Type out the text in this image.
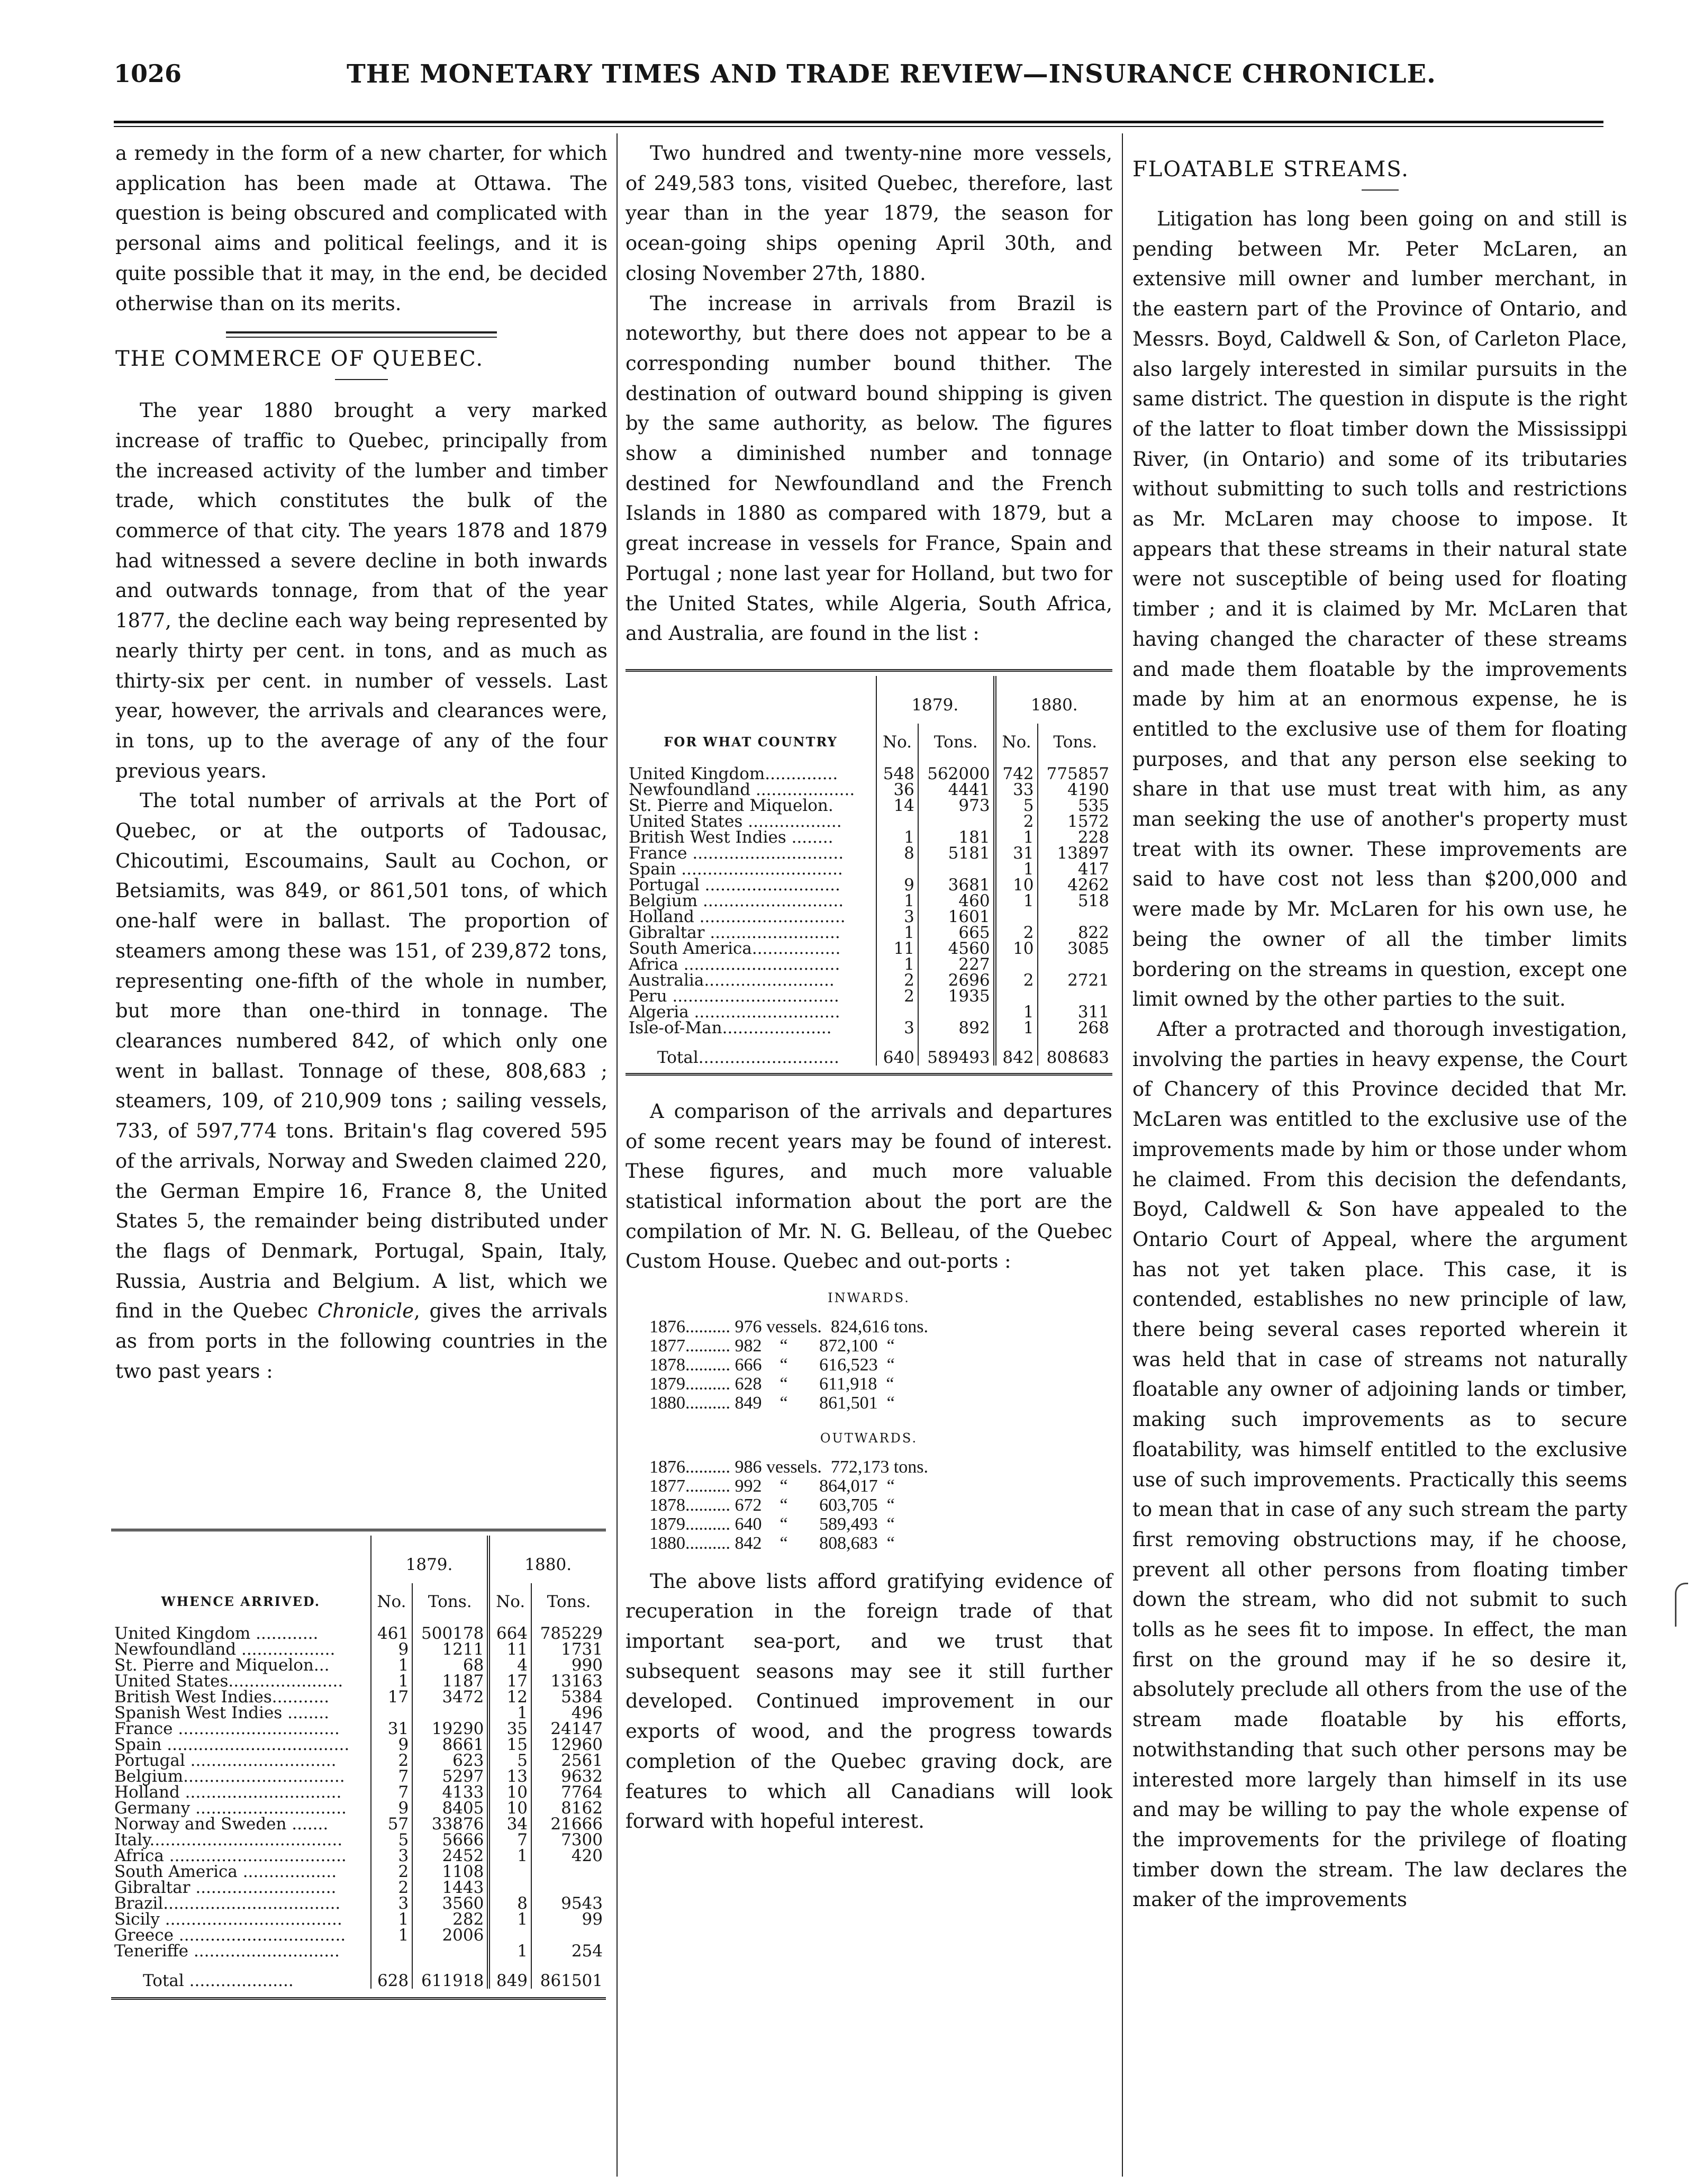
1026	THE MONETARY TIMES AND TRADE REVIEW—INSURANCE CHRONICLE.

a remedy in the form of a new charter, for which application has been made at Ottawa. The question is being obscured and complicated with personal aims and political feelings, and it is quite possible that it may, in the end, be decided otherwise than on its merits.

THE COMMERCE OF QUEBEC.

The year 1880 brought a very marked increase of traffic to Quebec, principally from the increased activity of the lumber and timber trade, which constitutes the bulk of the commerce of that city. The years 1878 and 1879 had witnessed a severe decline in both inwards and outwards tonnage, from that of the year 1877, the decline each way being represented by nearly thirty per cent. in tons, and as much as thirty-six per cent. in number of vessels. Last year, however, the arrivals and clearances were, in tons, up to the average of any of the four previous years.

The total number of arrivals at the Port of Quebec, or at the outports of Tadousac, Chicoutimi, Escoumains, Sault au Cochon, or Betsiamits, was 849, or 861,501 tons, of which one-half were in ballast. The proportion of steamers among these was 151, of 239,872 tons, representing one-fifth of the whole in number, but more than one-third in tonnage. The clearances numbered 842, of which only one went in ballast. Tonnage of these, 808,683 ; steamers, 109, of 210,909 tons ; sailing vessels, 733, of 597,774 tons. Britain's flag covered 595 of the arrivals, Norway and Sweden claimed 220, the German Empire 16, France 8, the United States 5, the remainder being distributed under the flags of Denmark, Portugal, Spain, Italy, Russia, Austria and Belgium. A list, which we find in the Quebec Chronicle, gives the arrivals as from ports in the following countries in the two past years :

	1879.		1880.	
WHENCE ARRIVED.	No.	Tons.	No.	Tons.
United Kingdom ............	461	500178	664	785229
Newfoundland ..................	9	1211	11	1731
St. Pierre and Miquelon...	1	68	4	990
United States......................	1	1187	17	13163
British West Indies...........	17	3472	12	5384
Spanish West Indies ........			1	496
France ...............................	31	19290	35	24147
Spain ...................................	9	8661	15	12960
Portugal ............................	2	623	5	2561
Belgium...............................	7	5297	13	9632
Holland ..............................	7	4133	10	7764
Germany .............................	9	8405	10	8162
Norway and Sweden .......	57	33876	34	21666
Italy.....................................	5	5666	7	7300
Africa ..................................	3	2452	1	420
South America ..................	2	1108		
Gibraltar ...........................	2	1443		
Brazil..................................	3	3560	8	9543
Sicily ..................................	1	282	1	99
Greece ................................	1	2006		
Teneriffe ............................			1	254
Total ....................	628	611918	849	861501

Two hundred and twenty-nine more vessels, of 249,583 tons, visited Quebec, therefore, last year than in the year 1879, the season for ocean-going ships opening April 30th, and closing November 27th, 1880.

The increase in arrivals from Brazil is noteworthy, but there does not appear to be a corresponding number bound thither. The destination of outward bound shipping is given by the same authority, as below. The figures show a diminished number and tonnage destined for Newfoundland and the French Islands in 1880 as compared with 1879, but a great increase in vessels for France, Spain and Portugal ; none last year for Holland, but two for the United States, while Algeria, South Africa, and Australia, are found in the list :

	1879.		1880.	
FOR WHAT COUNTRY	No.	Tons.	No.	Tons.
United Kingdom..............	548	562000	742	775857
Newfoundland ...................	36	4441	33	4190
St. Pierre and Miquelon.	14	973	5	535
United States ..................			2	1572
British West Indies ........	1	181	1	228
France .............................	8	5181	31	13897
Spain ...............................			1	417
Portugal ..........................	9	3681	10	4262
Belgium ...........................	1	460	1	518
Holland ............................	3	1601		
Gibraltar .........................	1	665	2	822
South America.................	11	4560	10	3085
Africa ..............................	1	227		
Australia.........................	2	2696	2	2721
Peru ................................	2	1935		
Algeria ............................			1	311
Isle-of-Man.....................	3	892	1	268
Total...........................	640	589493	842	808683

A comparison of the arrivals and departures of some recent years may be found of interest. These figures, and much more valuable statistical information about the port are the compilation of Mr. N. G. Belleau, of the Quebec Custom House. Quebec and out-ports :

INWARDS.
1876.......... 976 vessels.  824,616 tons.
1877.......... 982    “       872,100  “
1878.......... 666    “       616,523  “
1879.......... 628    “       611,918  “
1880.......... 849    “       861,501  “
OUTWARDS.
1876.......... 986 vessels.  772,173 tons.
1877.......... 992    “       864,017  “
1878.......... 672    “       603,705  “
1879.......... 640    “       589,493  “
1880.......... 842    “       808,683  “

The above lists afford gratifying evidence of recuperation in the foreign trade of that important sea-port, and we trust that subsequent seasons may see it still further developed. Continued improvement in our exports of wood, and the progress towards completion of the Quebec graving dock, are features to which all Canadians will look forward with hopeful interest.

FLOATABLE STREAMS.

Litigation has long been going on and still is pending between Mr. Peter McLaren, an extensive mill owner and lumber merchant, in the eastern part of the Province of Ontario, and Messrs. Boyd, Caldwell & Son, of Carleton Place, also largely interested in similar pursuits in the same district. The question in dispute is the right of the latter to float timber down the Mississippi River, (in Ontario) and some of its tributaries without submitting to such tolls and restrictions as Mr. McLaren may choose to impose. It appears that these streams in their natural state were not susceptible of being used for floating timber ; and it is claimed by Mr. McLaren that having changed the character of these streams and made them floatable by the improvements made by him at an enormous expense, he is entitled to the exclusive use of them for floating purposes, and that any person else seeking to share in that use must treat with him, as any man seeking the use of another's property must treat with its owner. These improvements are said to have cost not less than $200,000 and were made by Mr. McLaren for his own use, he being the owner of all the timber limits bordering on the streams in question, except one limit owned by the other parties to the suit.

After a protracted and thorough investigation, involving the parties in heavy expense, the Court of Chancery of this Province decided that Mr. McLaren was entitled to the exclusive use of the improvements made by him or those under whom he claimed. From this decision the defendants, Boyd, Caldwell & Son have appealed to the Ontario Court of Appeal, where the argument has not yet taken place. This case, it is contended, establishes no new principle of law, there being several cases reported wherein it was held that in case of streams not naturally floatable any owner of adjoining lands or timber, making such improvements as to secure floatability, was himself entitled to the exclusive use of such improvements. Practically this seems to mean that in case of any such stream the party first removing obstructions may, if he choose, prevent all other persons from floating timber down the stream, who did not submit to such tolls as he sees fit to impose. In effect, the man first on the ground may if he so desire it, absolutely preclude all others from the use of the stream made floatable by his efforts, notwithstanding that such other persons may be interested more largely than himself in its use and may be willing to pay the whole expense of the improvements for the privilege of floating timber down the stream. The law declares the maker of the improvements
